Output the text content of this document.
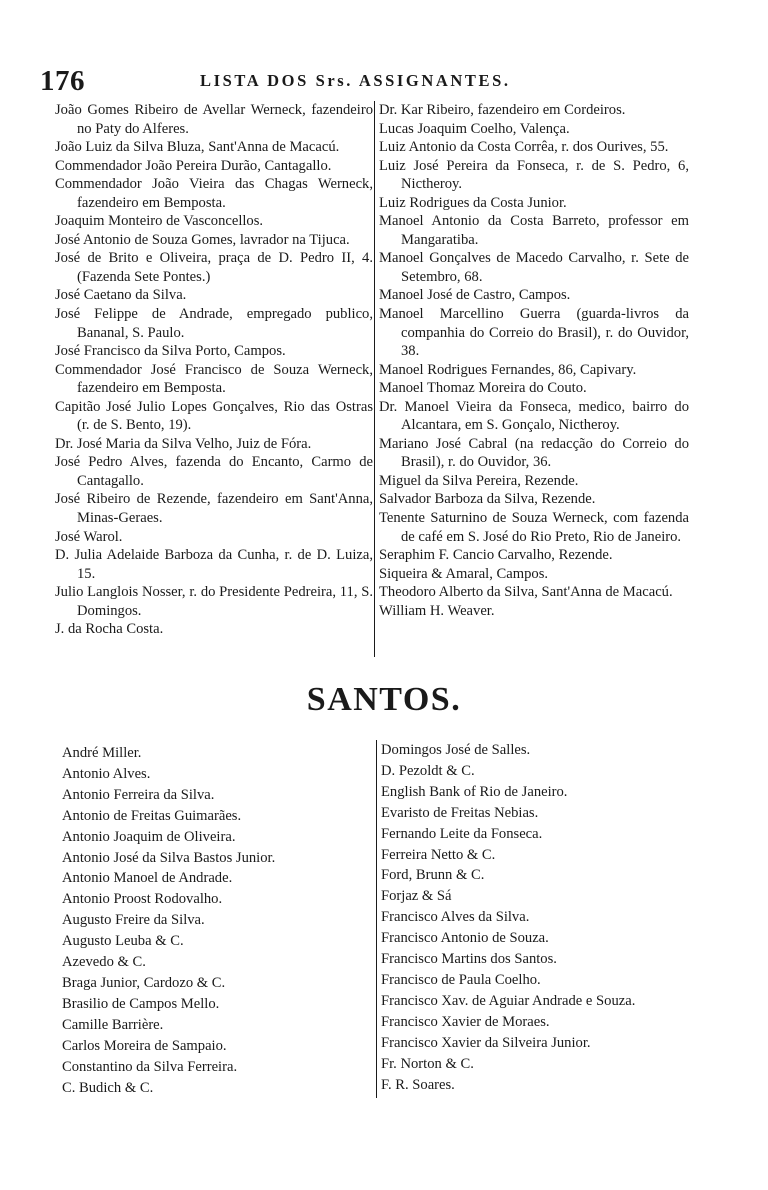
176	LISTA DOS Srs. ASSIGNANTES.
João Gomes Ribeiro de Avellar Werneck, fazendeiro no Paty do Alferes.
João Luiz da Silva Bluza, Sant'Anna de Macacú.
Commendador João Pereira Durão, Cantagallo.
Commendador João Vieira das Chagas Werneck, fazendeiro em Bemposta.
Joaquim Monteiro de Vasconcellos.
José Antonio de Souza Gomes, lavrador na Tijuca.
José de Brito e Oliveira, praça de D. Pedro II, 4. (Fazenda Sete Pontes.)
José Caetano da Silva.
José Felippe de Andrade, empregado publico, Bananal, S. Paulo.
José Francisco da Silva Porto, Campos.
Commendador José Francisco de Souza Werneck, fazendeiro em Bemposta.
Capitão José Julio Lopes Gonçalves, Rio das Ostras (r. de S. Bento, 19).
Dr. José Maria da Silva Velho, Juiz de Fóra.
José Pedro Alves, fazenda do Encanto, Carmo de Cantagallo.
José Ribeiro de Rezende, fazendeiro em Sant'Anna, Minas-Geraes.
José Warol.
D. Julia Adelaide Barboza da Cunha, r. de D. Luiza, 15.
Julio Langlois Nosser, r. do Presidente Pedreira, 11, S. Domingos.
J. da Rocha Costa.
Dr. Kar Ribeiro, fazendeiro em Cordeiros.
Lucas Joaquim Coelho, Valença.
Luiz Antonio da Costa Corrêa, r. dos Ourives, 55.
Luiz José Pereira da Fonseca, r. de S. Pedro, 6, Nictheroy.
Luiz Rodrigues da Costa Junior.
Manoel Antonio da Costa Barreto, professor em Mangaratiba.
Manoel Gonçalves de Macedo Carvalho, r. Sete de Setembro, 68.
Manoel José de Castro, Campos.
Manoel Marcellino Guerra (guarda-livros da companhia do Correio do Brasil), r. do Ouvidor, 38.
Manoel Rodrigues Fernandes, 86, Capivary.
Manoel Thomaz Moreira do Couto.
Dr. Manoel Vieira da Fonseca, medico, bairro do Alcantara, em S. Gonçalo, Nictheroy.
Mariano José Cabral (na redacção do Correio do Brasil), r. do Ouvidor, 36.
Miguel da Silva Pereira, Rezende.
Salvador Barboza da Silva, Rezende.
Tenente Saturnino de Souza Werneck, com fazenda de café em S. José do Rio Preto, Rio de Janeiro.
Seraphim F. Cancio Carvalho, Rezende.
Siqueira & Amaral, Campos.
Theodoro Alberto da Silva, Sant'Anna de Macacú.
William H. Weaver.
SANTOS.
André Miller.
Antonio Alves.
Antonio Ferreira da Silva.
Antonio de Freitas Guimarães.
Antonio Joaquim de Oliveira.
Antonio José da Silva Bastos Junior.
Antonio Manoel de Andrade.
Antonio Proost Rodovalho.
Augusto Freire da Silva.
Augusto Leuba & C.
Azevedo & C.
Braga Junior, Cardozo & C.
Brasilio de Campos Mello.
Camille Barrière.
Carlos Moreira de Sampaio.
Constantino da Silva Ferreira.
C. Budich & C.
Domingos José de Salles.
D. Pezoldt & C.
English Bank of Rio de Janeiro.
Evaristo de Freitas Nebias.
Fernando Leite da Fonseca.
Ferreira Netto & C.
Ford, Brunn & C.
Forjaz & Sá
Francisco Alves da Silva.
Francisco Antonio de Souza.
Francisco Martins dos Santos.
Francisco de Paula Coelho.
Francisco Xav. de Aguiar Andrade e Souza.
Francisco Xavier de Moraes.
Francisco Xavier da Silveira Junior.
Fr. Norton & C.
F. R. Soares.
